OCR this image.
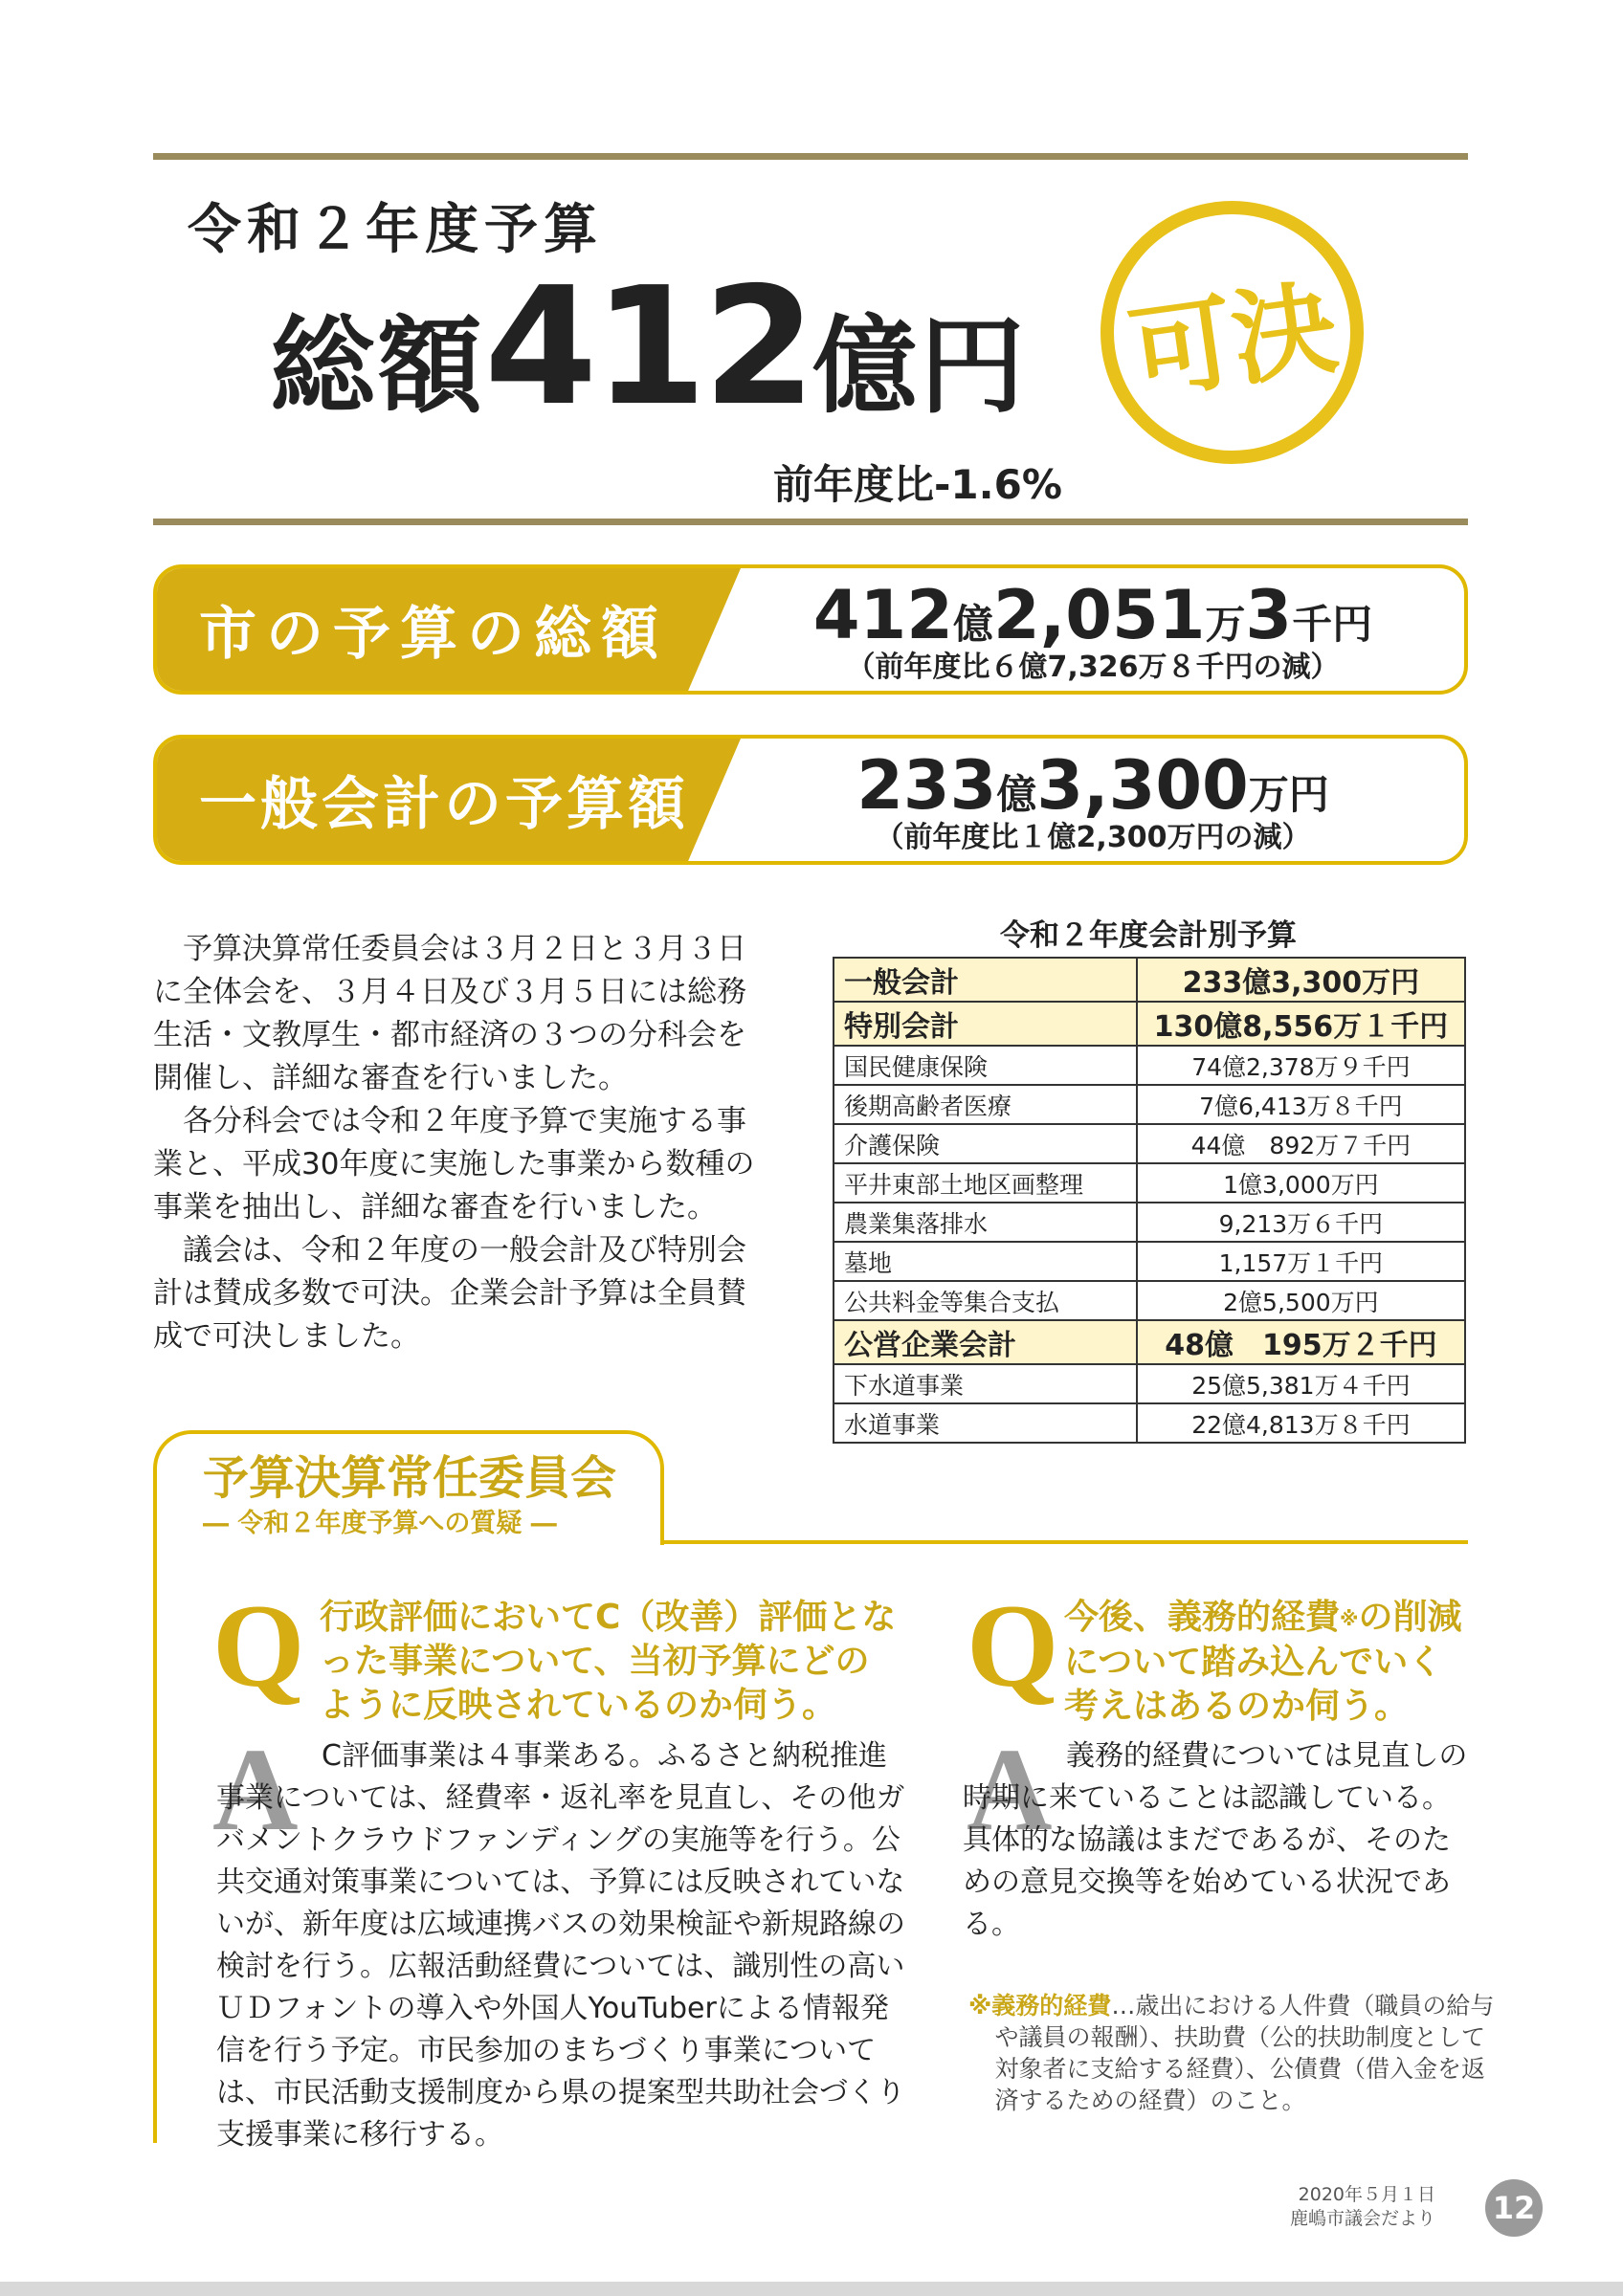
令和２年度予算
総額412億円
前年度比-1.6%
可決
市の予算の総額	412億2,051万3千円
（前年度比６億7,326万８千円の減）
一般会計の予算額	233億3,300万円
（前年度比１億2,300万円の減）

予算決算常任委員会は３月２日と３月３日に全体会を、３月４日及び３月５日には総務生活・文教厚生・都市経済の３つの分科会を開催し、詳細な審査を行いました。

各分科会では令和２年度予算で実施する事業と、平成30年度に実施した事業から数種の事業を抽出し、詳細な審査を行いました。

議会は、令和２年度の一般会計及び特別会計は賛成多数で可決。企業会計予算は全員賛成で可決しました。

令和２年度会計別予算
一般会計	233億3,300万円
特別会計	130億8,556万１千円
国民健康保険	74億2,378万９千円
後期高齢者医療	7億6,413万８千円
介護保険	44億　892万７千円
平井東部土地区画整理	1億3,000万円
農業集落排水	9,213万６千円
墓地	1,157万１千円
公共料金等集合支払	2億5,500万円
公営企業会計	48億　195万２千円
下水道事業	25億5,381万４千円
水道事業	22億4,813万８千円
予算決算常任委員会
― 令和２年度予算への質疑 ―
Q 行政評価においてC（改善）評価となった事業について、当初予算にどのように反映されているのか伺う。
A C評価事業は４事業ある。ふるさと納税推進事業については、経費率・返礼率を見直し、その他ガバメントクラウドファンディングの実施等を行う。公共交通対策事業については、予算には反映されていないが、新年度は広域連携バスの効果検証や新規路線の検討を行う。広報活動経費については、識別性の高いＵＤフォントの導入や外国人YouTuberによる情報発信を行う予定。市民参加のまちづくり事業については、市民活動支援制度から県の提案型共助社会づくり支援事業に移行する。
Q 今後、義務的経費※の削減について踏み込んでいく考えはあるのか伺う。
A 義務的経費については見直しの時期に来ていることは認識している。具体的な協議はまだであるが、そのための意見交換等を始めている状況である。
※義務的経費…歳出における人件費（職員の給与や議員の報酬）、扶助費（公的扶助制度として対象者に支給する経費）、公債費（借入金を返済するための経費）のこと。
2020年５月１日
鹿嶋市議会だより 12
